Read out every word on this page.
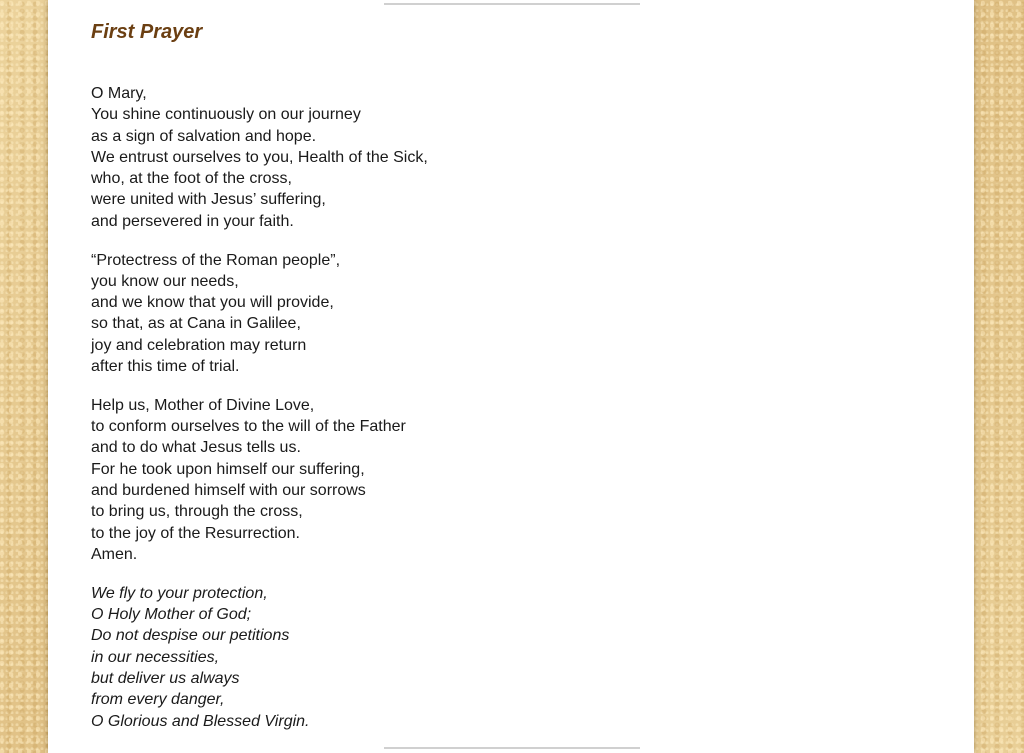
First Prayer
O Mary,
You shine continuously on our journey
as a sign of salvation and hope.
We entrust ourselves to you, Health of the Sick,
who, at the foot of the cross,
were united with Jesus’ suffering,
and persevered in your faith.
“Protectress of the Roman people”,
you know our needs,
and we know that you will provide,
so that, as at Cana in Galilee,
joy and celebration may return
after this time of trial.
Help us, Mother of Divine Love,
to conform ourselves to the will of the Father
and to do what Jesus tells us.
For he took upon himself our suffering,
and burdened himself with our sorrows
to bring us, through the cross,
to the joy of the Resurrection.
Amen.
We fly to your protection,
O Holy Mother of God;
Do not despise our petitions
in our necessities,
but deliver us always
from every danger,
O Glorious and Blessed Virgin.
